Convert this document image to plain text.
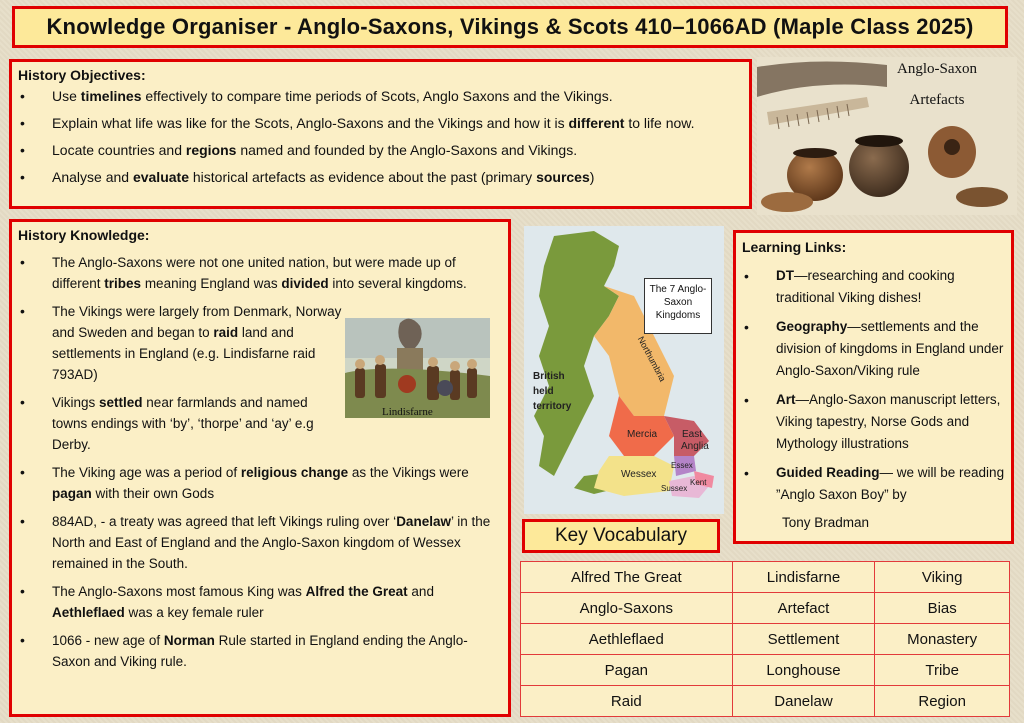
Knowledge Organiser - Anglo-Saxons, Vikings & Scots 410–1066AD (Maple Class 2025)
History Objectives:
• Use timelines effectively to compare time periods of Scots, Anglo Saxons and the Vikings.
• Explain what life was like for the Scots, Anglo-Saxons and the Vikings and how it is different to life now.
• Locate countries and regions named and founded by the Anglo-Saxons and Vikings.
• Analyse and evaluate historical artefacts as evidence about the past (primary sources)
Anglo-Saxon
Artefacts
History Knowledge:
• The Anglo-Saxons were not one united nation, but were made up of different tribes meaning England was divided into several kingdoms.
• The Vikings were largely from Denmark, Norway and Sweden and began to raid land and settlements in England (e.g. Lindisfarne raid 793AD)
• Vikings settled near farmlands and named towns endings with ‘by’, ‘thorpe’ and ‘ay’ e.g Derby.
• The Viking age was a period of religious change as the Vikings were pagan with their own Gods
• 884AD, - a treaty was agreed that left Vikings ruling over ‘Danelaw’ in the North and East of England and the Anglo-Saxon kingdom of Wessex remained in the South.
• The Anglo-Saxons most famous King was Alfred the Great and Aethleflaed was a key female ruler
• 1066 - new age of Norman Rule started in England ending the Anglo-Saxon and Viking rule.
Lindisfarne
British
held
territory
Northumbria
Mercia East
Anglia
Essex
Wessex
Sussex
Kent
The 7 Anglo-
Saxon
Kingdoms
Learning Links:
• DT—researching and cooking traditional Viking dishes!
• Geography—settlements and the division of kingdoms in England under Anglo-Saxon/Viking rule
• Art—Anglo-Saxon manuscript letters, Viking tapestry, Norse Gods and Mythology illustrations
• Guided Reading— we will be reading ”Anglo Saxon Boy” by
Tony Bradman
Key Vocabulary
Alfred The Great	Lindisfarne	Viking
Anglo-Saxons	Artefact	Bias
Aethleflaed	Settlement	Monastery
Pagan	Longhouse	Tribe
Raid	Danelaw	Region
